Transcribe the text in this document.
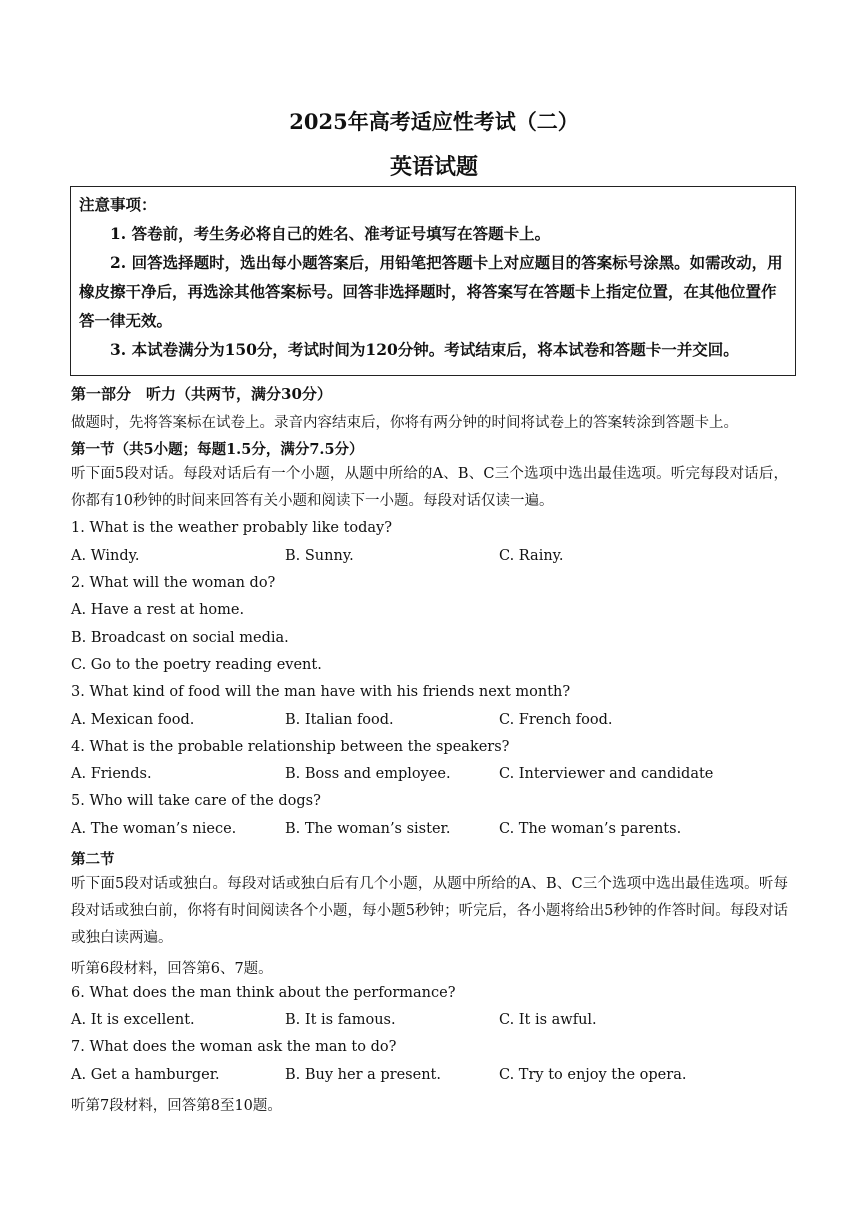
2025年高考适应性考试（二）
英语试题

注意事项：

1. 答卷前，考生务必将自己的姓名、准考证号填写在答题卡上。

2. 回答选择题时，选出每小题答案后，用铅笔把答题卡上对应题目的答案标号涂黑。如需改动，用橡皮擦干净后，再选涂其他答案标号。回答非选择题时，将答案写在答题卡上指定位置，在其他位置作答一律无效。

3. 本试卷满分为150分，考试时间为120分钟。考试结束后，将本试卷和答题卡一并交回。

第一部分　听力（共两节，满分30分）
做题时，先将答案标在试卷上。录音内容结束后，你将有两分钟的时间将试卷上的答案转涂到答题卡上。
第一节（共5小题；每题1.5分，满分7.5分）
听下面5段对话。每段对话后有一个小题，从题中所给的A、B、C三个选项中选出最佳选项。听完每段对话后，你都有10秒钟的时间来回答有关小题和阅读下一小题。每段对话仅读一遍。
1. What is the weather probably like today?
A. Windy.	B. Sunny.	C. Rainy.
2. What will the woman do?
A. Have a rest at home.
B. Broadcast on social media.
C. Go to the poetry reading event.
3. What kind of food will the man have with his friends next month?
A. Mexican food.	B. Italian food.	C. French food.
4. What is the probable relationship between the speakers?
A. Friends.	B. Boss and employee.	C. Interviewer and candidate
5. Who will take care of the dogs?
A. The woman’s niece.	B. The woman’s sister.	C. The woman’s parents.
第二节
听下面5段对话或独白。每段对话或独白后有几个小题，从题中所给的A、B、C三个选项中选出最佳选项。听每段对话或独白前，你将有时间阅读各个小题，每小题5秒钟；听完后，各小题将给出5秒钟的作答时间。每段对话或独白读两遍。
听第6段材料，回答第6、7题。
6. What does the man think about the performance?
A. It is excellent.	B. It is famous.	C. It is awful.
7. What does the woman ask the man to do?
A. Get a hamburger.	B. Buy her a present.	C. Try to enjoy the opera.
听第7段材料，回答第8至10题。
